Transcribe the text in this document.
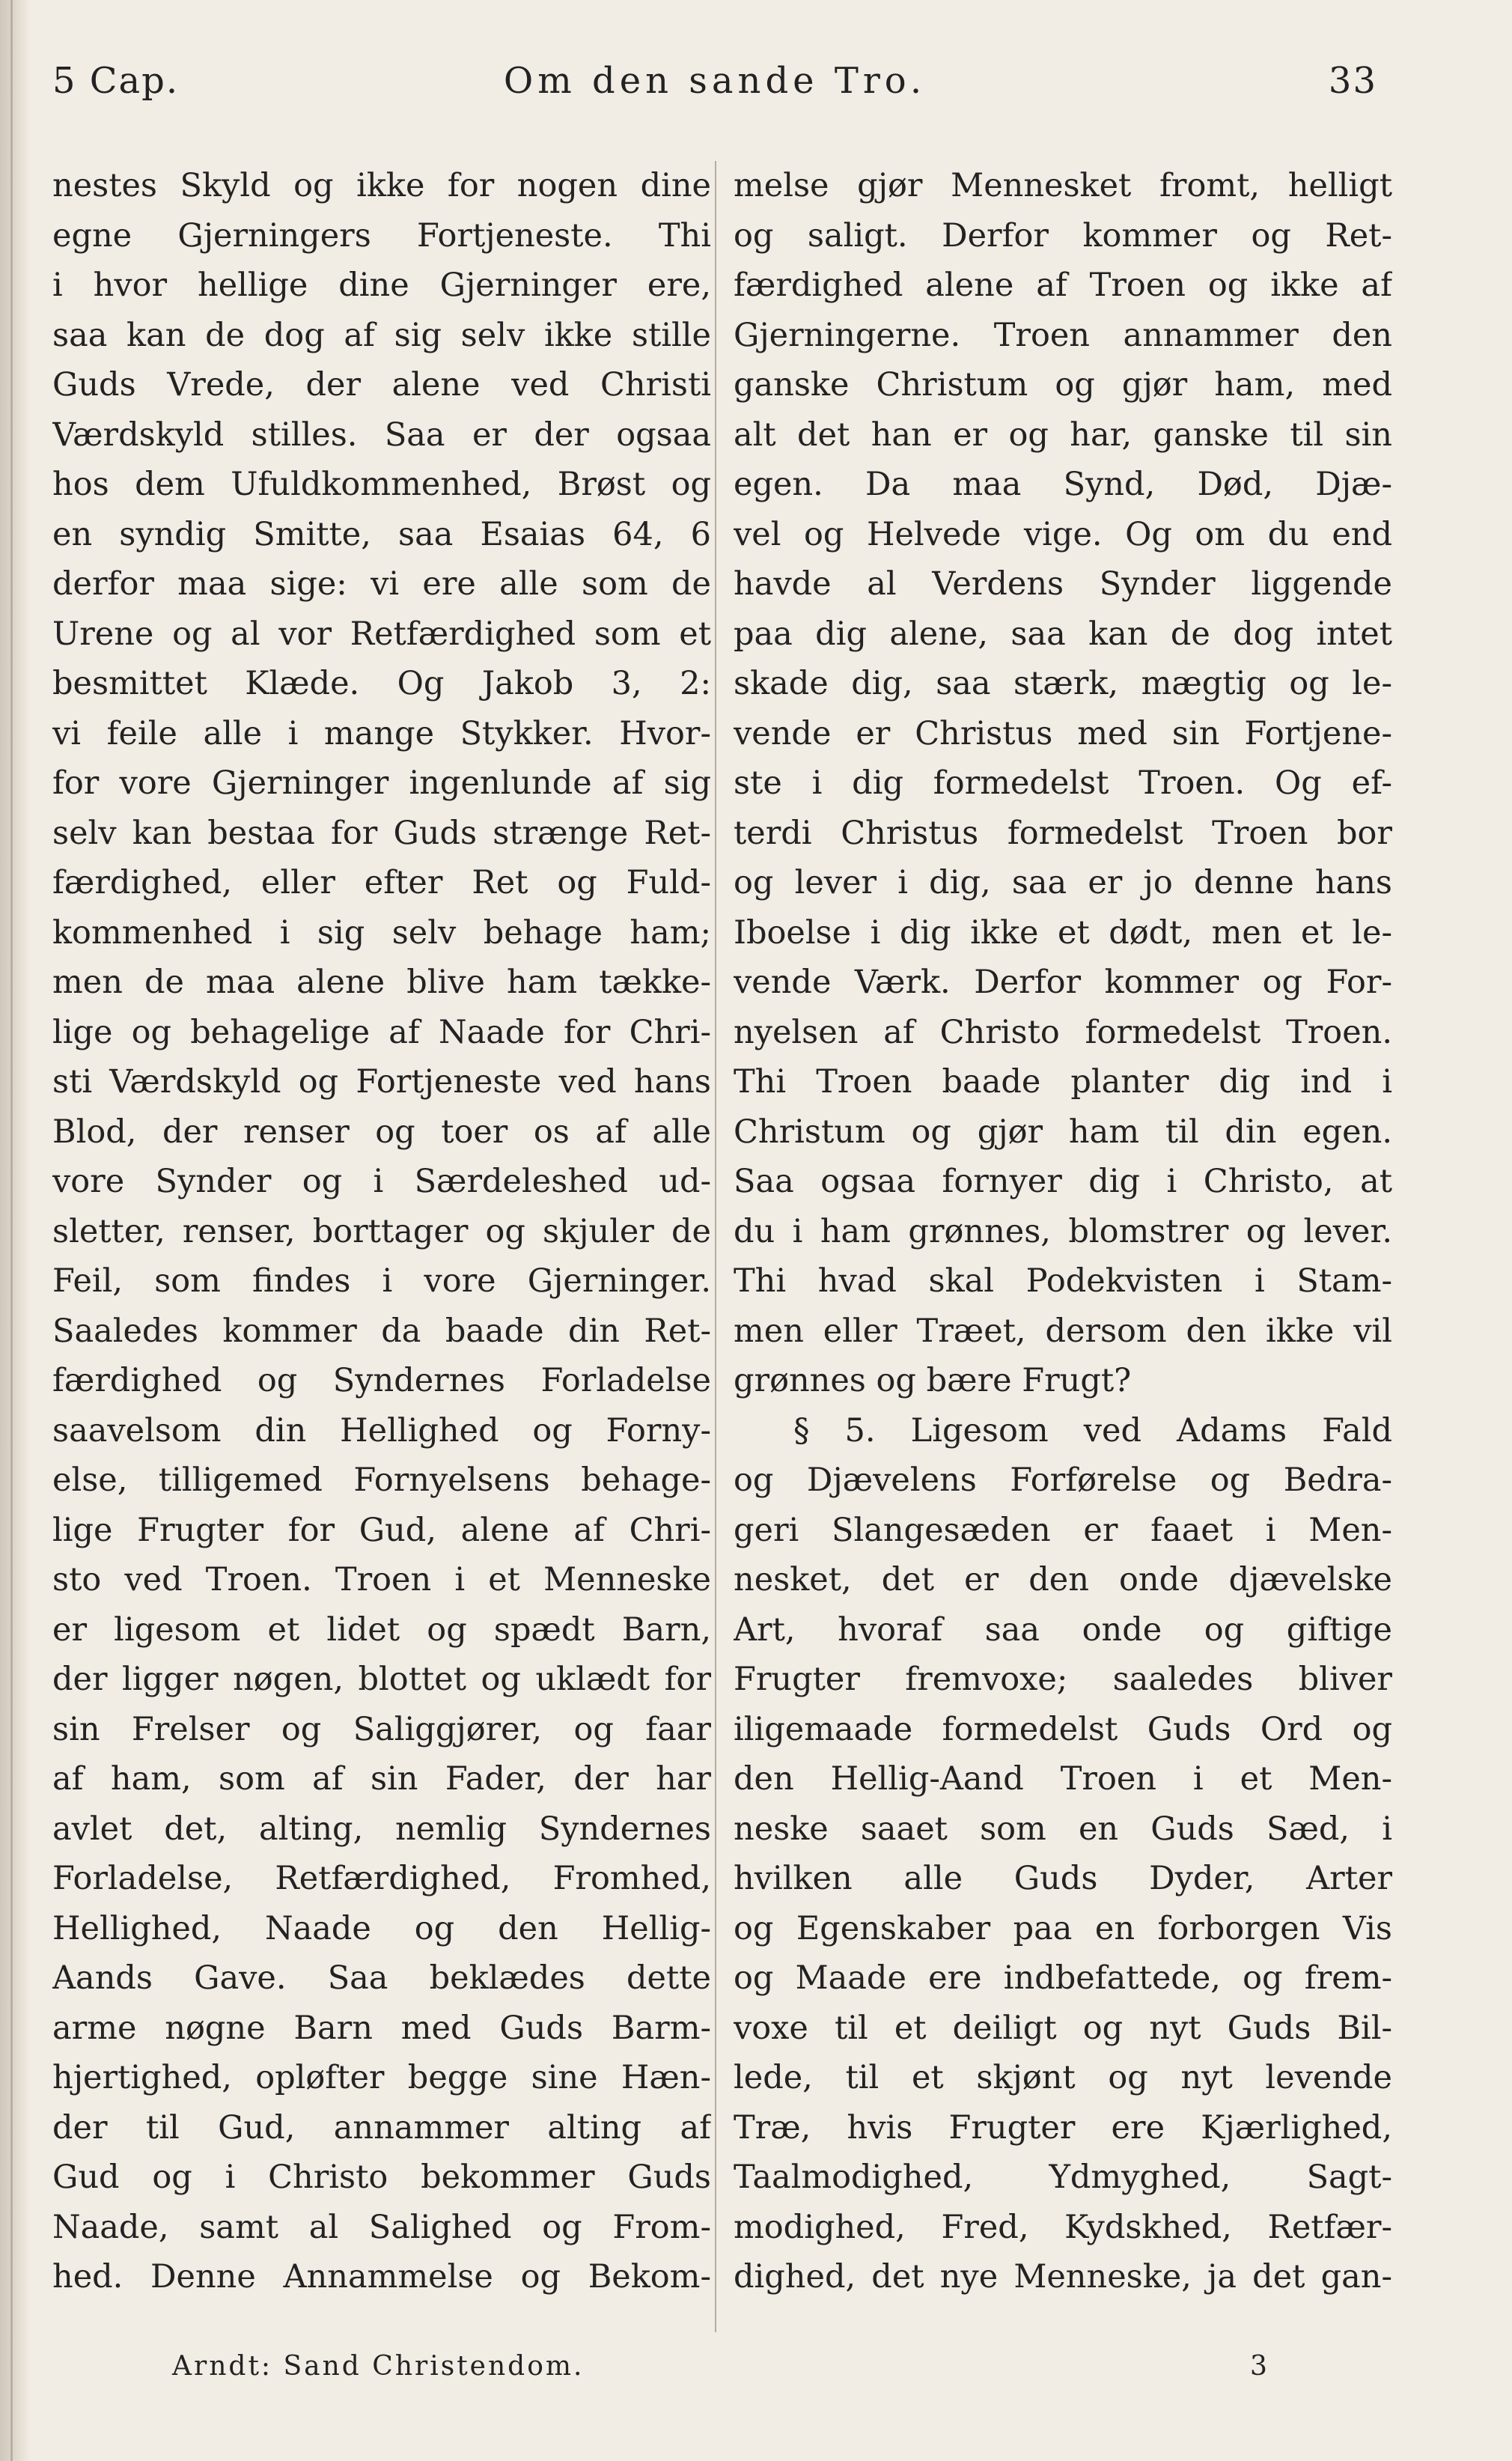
5 Cap.	Om den sande Tro.	33
nestes Skyld og ikke for nogen dine
egne Gjerningers Fortjeneste. Thi
i hvor hellige dine Gjerninger ere,
saa kan de dog af sig selv ikke stille
Guds Vrede, der alene ved Christi
Værdskyld stilles. Saa er der ogsaa
hos dem Ufuldkommenhed, Brøst og
en syndig Smitte, saa Esaias 64, 6
derfor maa sige: vi ere alle som de
Urene og al vor Retfærdighed som et
besmittet Klæde. Og Jakob 3, 2:
vi feile alle i mange Stykker. Hvor-
for vore Gjerninger ingenlunde af sig
selv kan bestaa for Guds strænge Ret-
færdighed, eller efter Ret og Fuld-
kommenhed i sig selv behage ham;
men de maa alene blive ham tække-
lige og behagelige af Naade for Chri-
sti Værdskyld og Fortjeneste ved hans
Blod, der renser og toer os af alle
vore Synder og i Særdeleshed ud-
sletter, renser, borttager og skjuler de
Feil, som findes i vore Gjerninger.
Saaledes kommer da baade din Ret-
færdighed og Syndernes Forladelse
saavelsom din Hellighed og Forny-
else, tilligemed Fornyelsens behage-
lige Frugter for Gud, alene af Chri-
sto ved Troen. Troen i et Menneske
er ligesom et lidet og spædt Barn,
der ligger nøgen, blottet og uklædt for
sin Frelser og Saliggjører, og faar
af ham, som af sin Fader, der har
avlet det, alting, nemlig Syndernes
Forladelse, Retfærdighed, Fromhed,
Hellighed, Naade og den Hellig-
Aands Gave. Saa beklædes dette
arme nøgne Barn med Guds Barm-
hjertighed, opløfter begge sine Hæn-
der til Gud, annammer alting af
Gud og i Christo bekommer Guds
Naade, samt al Salighed og From-
hed. Denne Annammelse og Bekom-
melse gjør Mennesket fromt, helligt
og saligt. Derfor kommer og Ret-
færdighed alene af Troen og ikke af
Gjerningerne. Troen annammer den
ganske Christum og gjør ham, med
alt det han er og har, ganske til sin
egen. Da maa Synd, Død, Djæ-
vel og Helvede vige. Og om du end
havde al Verdens Synder liggende
paa dig alene, saa kan de dog intet
skade dig, saa stærk, mægtig og le-
vende er Christus med sin Fortjene-
ste i dig formedelst Troen. Og ef-
terdi Christus formedelst Troen bor
og lever i dig, saa er jo denne hans
Iboelse i dig ikke et dødt, men et le-
vende Værk. Derfor kommer og For-
nyelsen af Christo formedelst Troen.
Thi Troen baade planter dig ind i
Christum og gjør ham til din egen.
Saa ogsaa fornyer dig i Christo, at
du i ham grønnes, blomstrer og lever.
Thi hvad skal Podekvisten i Stam-
men eller Træet, dersom den ikke vil
grønnes og bære Frugt?
§ 5. Ligesom ved Adams Fald
og Djævelens Forførelse og Bedra-
geri Slangesæden er faaet i Men-
nesket, det er den onde djævelske
Art, hvoraf saa onde og giftige
Frugter fremvoxe; saaledes bliver
iligemaade formedelst Guds Ord og
den Hellig-Aand Troen i et Men-
neske saaet som en Guds Sæd, i
hvilken alle Guds Dyder, Arter
og Egenskaber paa en forborgen Vis
og Maade ere indbefattede, og frem-
voxe til et deiligt og nyt Guds Bil-
lede, til et skjønt og nyt levende
Træ, hvis Frugter ere Kjærlighed,
Taalmodighed, Ydmyghed, Sagt-
modighed, Fred, Kydskhed, Retfær-
dighed, det nye Menneske, ja det gan-
Arndt: Sand Christendom.	3
